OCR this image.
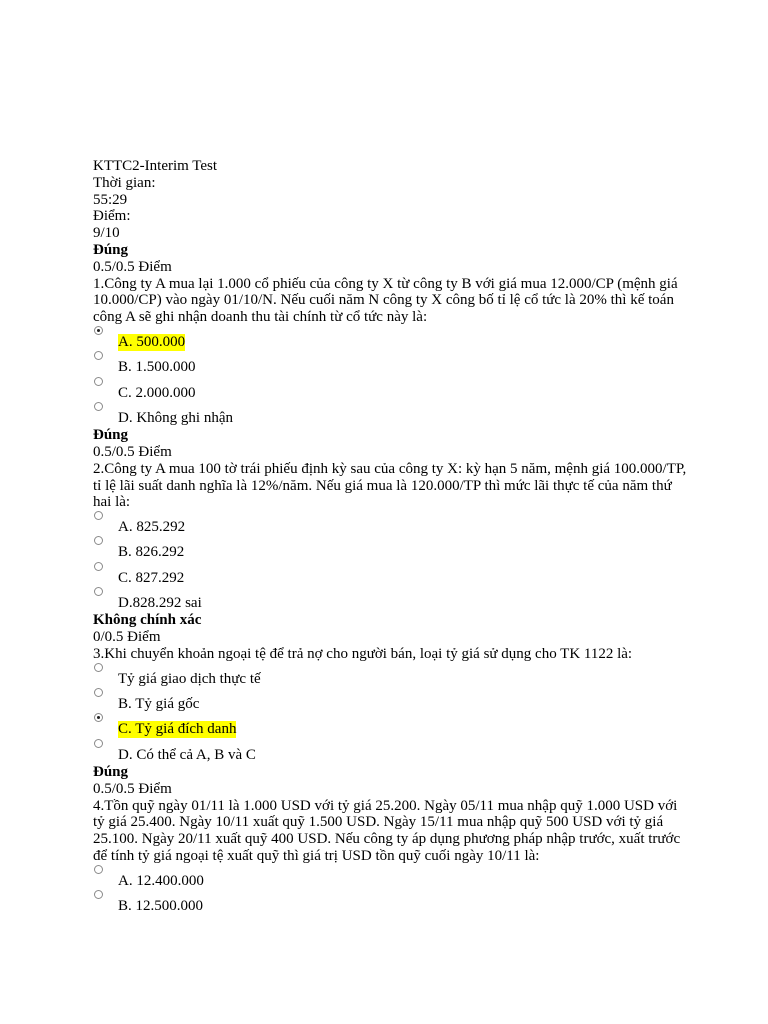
KTTC2-Interim Test
Thời gian:
55:29
Điểm:
9/10
Đúng
0.5/0.5 Điểm
1.Công ty A mua lại 1.000 cổ phiếu của công ty X từ công ty B với giá mua 12.000/CP (mệnh giá 10.000/CP) vào ngày 01/10/N. Nếu cuối năm N công ty X công bố tỉ lệ cổ tức là 20% thì kế toán công A sẽ ghi nhận doanh thu tài chính từ cổ tức này là:
A. 500.000
B. 1.500.000
C. 2.000.000
D. Không ghi nhận
Đúng
0.5/0.5 Điểm
2.Công ty A mua 100 tờ trái phiếu định kỳ sau của công ty X: kỳ hạn 5 năm, mệnh giá 100.000/TP, tỉ lệ lãi suất danh nghĩa là 12%/năm. Nếu giá mua là 120.000/TP thì mức lãi thực tế của năm thứ hai là:
A. 825.292
B. 826.292
C. 827.292
D.828.292 sai
Không chính xác
0/0.5 Điểm
3.Khi chuyển khoản ngoại tệ để trả nợ cho người bán, loại tỷ giá sử dụng cho TK 1122 là:
Tỷ giá giao dịch thực tế
B. Tỷ giá gốc
C. Tỷ giá đích danh
D. Có thể cả A, B và C
Đúng
0.5/0.5 Điểm
4.Tồn quỹ ngày 01/11 là 1.000 USD với tỷ giá 25.200. Ngày 05/11 mua nhập quỹ 1.000 USD với tỷ giá 25.400. Ngày 10/11 xuất quỹ 1.500 USD. Ngày 15/11 mua nhập quỹ 500 USD với tỷ giá 25.100. Ngày 20/11 xuất quỹ 400 USD. Nếu công ty áp dụng phương pháp nhập trước, xuất trước để tính tỷ giá ngoại tệ xuất quỹ thì giá trị USD tồn quỹ cuối ngày 10/11 là:
A. 12.400.000
B. 12.500.000
